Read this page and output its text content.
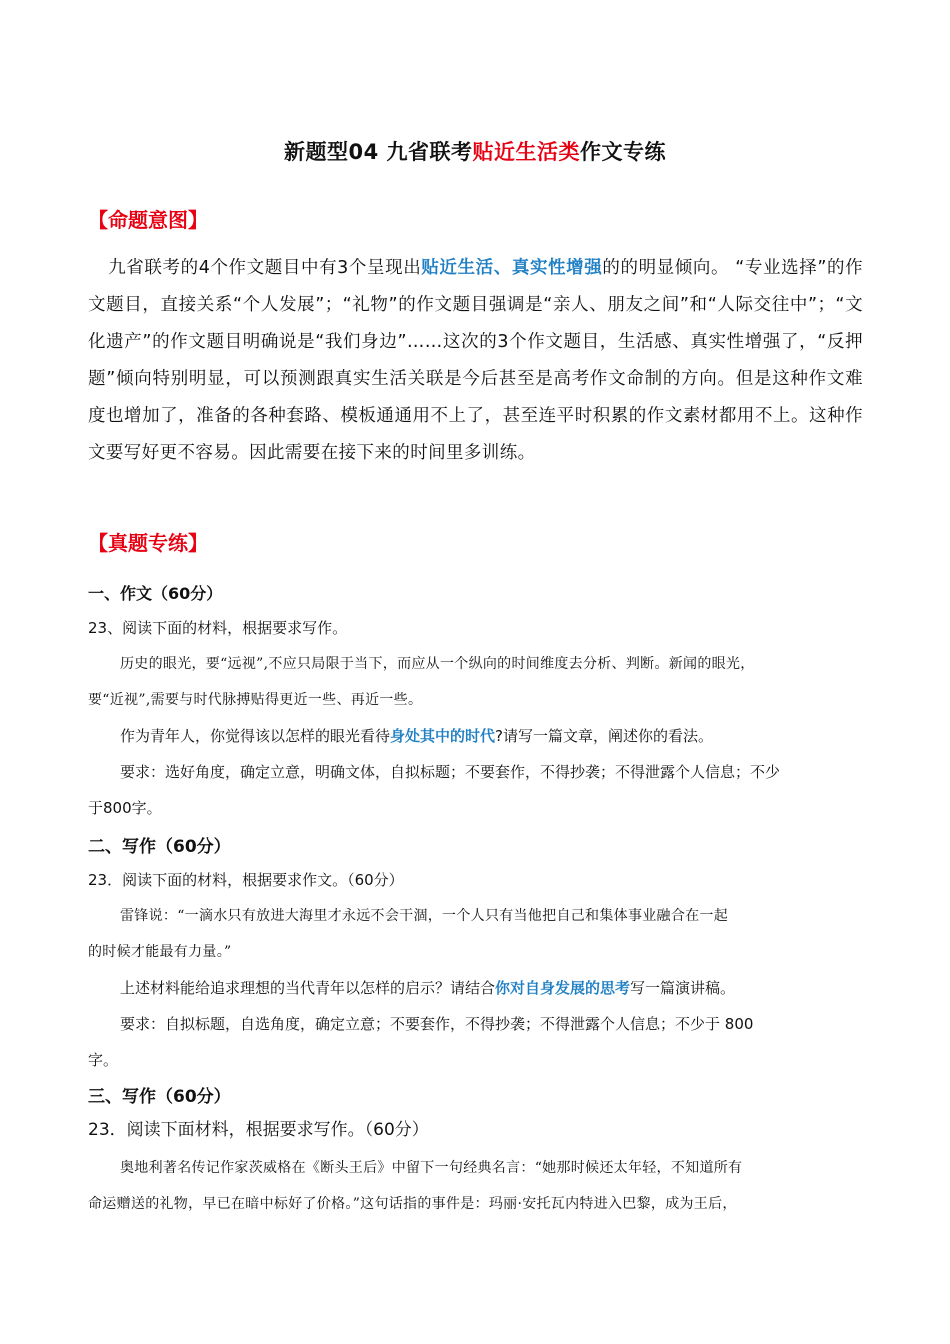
新题型04 九省联考贴近生活类作文专练
【命题意图】
九省联考的4个作文题目中有3个呈现出贴近生活、真实性增强的的明显倾向。 “专业选择”的作文题目，直接关系“个人发展”；“礼物”的作文题目强调是“亲人、朋友之间”和“人际交往中”；“文化遗产”的作文题目明确说是“我们身边”……这次的3个作文题目，生活感、真实性增强了，“反押题”倾向特别明显，可以预测跟真实生活关联是今后甚至是高考作文命制的方向。但是这种作文难度也增加了，准备的各种套路、模板通通用不上了，甚至连平时积累的作文素材都用不上。这种作文要写好更不容易。因此需要在接下来的时间里多训练。
【真题专练】
一、作文（60分）
23、阅读下面的材料，根据要求写作。
历史的眼光，要“远视”,不应只局限于当下，而应从一个纵向的时间维度去分析、判断。新闻的眼光，
要“近视”,需要与时代脉搏贴得更近一些、再近一些。
作为青年人，你觉得该以怎样的眼光看待身处其中的时代?请写一篇文章，阐述你的看法。
要求：选好角度，确定立意，明确文体，自拟标题；不要套作，不得抄袭；不得泄露个人信息；不少
于800字。
二、写作（60分）
23．阅读下面的材料，根据要求作文。（60分）
雷锋说：“一滴水只有放进大海里才永远不会干涸，一个人只有当他把自己和集体事业融合在一起
的时候才能最有力量。”
上述材料能给追求理想的当代青年以怎样的启示？请结合你对自身发展的思考写一篇演讲稿。
要求：自拟标题，自选角度，确定立意；不要套作，不得抄袭；不得泄露个人信息；不少于 800
字。
三、写作（60分）
23．阅读下面材料，根据要求写作。（60分）
奥地利著名传记作家茨威格在《断头王后》中留下一句经典名言：“她那时候还太年轻，不知道所有
命运赠送的礼物，早已在暗中标好了价格。”这句话指的事件是：玛丽·安托瓦内特进入巴黎，成为王后，
